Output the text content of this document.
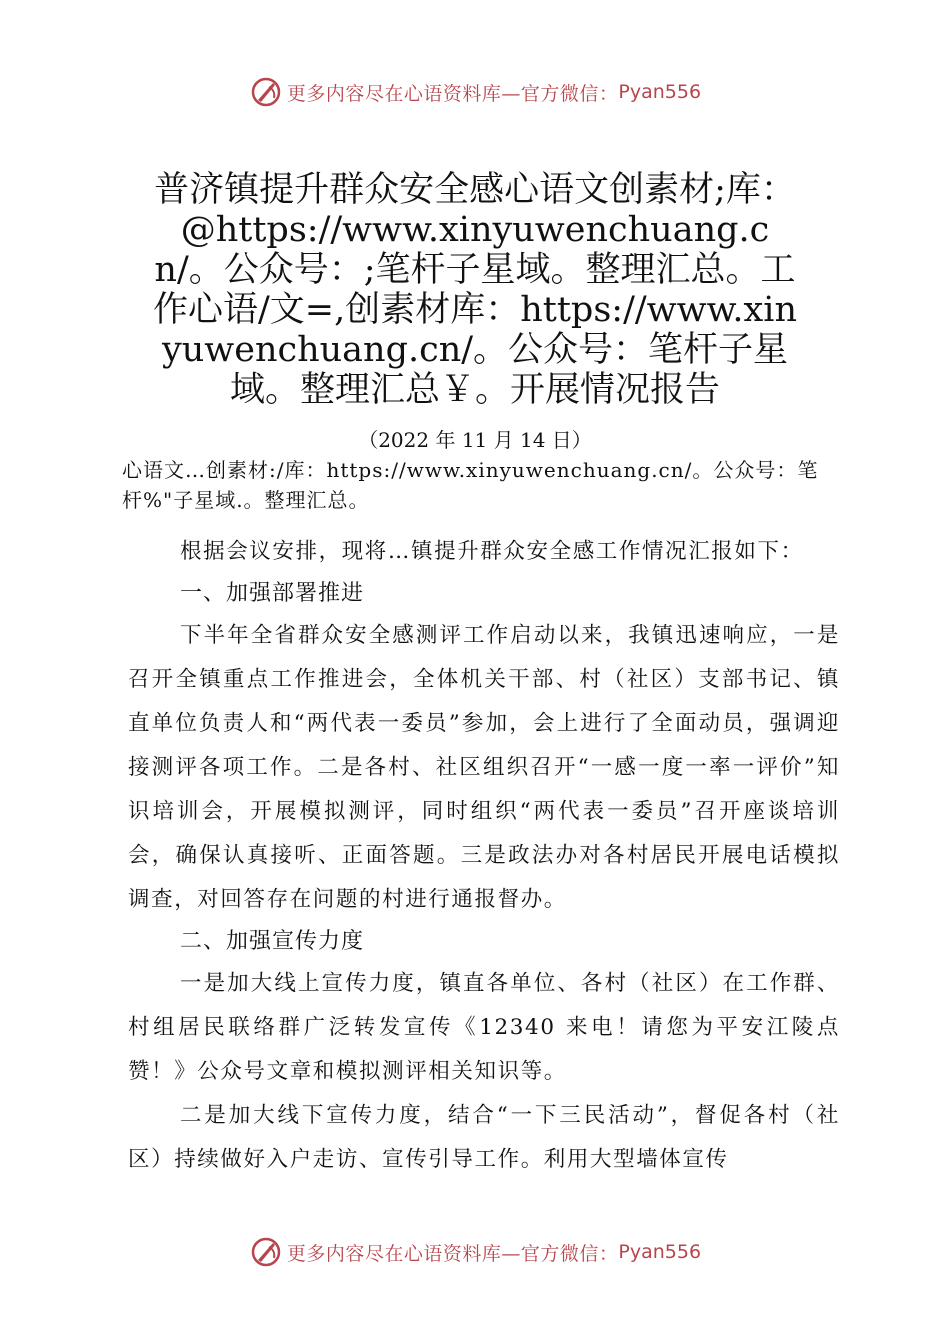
更多内容尽在心语资料库—官方微信： Pyan556
普济镇提升群众安全感心语文创素材;库：@https://www.xinyuwenchuang.cn/。公众号：;笔杆子星域。整理汇总。工作心语/文=,创素材库：https://www.xinyuwenchuang.cn/。公众号：笔杆子星域。整理汇总￥。开展情况报告
（2022 年 11 月 14 日）
心语文…创素材:/库：https://www.xinyuwenchuang.cn/。公众号：笔杆%"子星域.。整理汇总。

根据会议安排，现将…镇提升群众安全感工作情况汇报如下：

一、加强部署推进

下半年全省群众安全感测评工作启动以来，我镇迅速响应，一是召开全镇重点工作推进会，全体机关干部、村（社区）支部书记、镇直单位负责人和“两代表一委员”参加，会上进行了全面动员，强调迎接测评各项工作。二是各村、社区组织召开“一感一度一率一评价”知识培训会，开展模拟测评，同时组织“两代表一委员”召开座谈培训会，确保认真接听、正面答题。三是政法办对各村居民开展电话模拟调查，对回答存在问题的村进行通报督办。

二、加强宣传力度

一是加大线上宣传力度，镇直各单位、各村（社区）在工作群、村组居民联络群广泛转发宣传《12340 来电！请您为平安江陵点赞！》公众号文章和模拟测评相关知识等。

二是加大线下宣传力度，结合“一下三民活动”，督促各村（社区）持续做好入户走访、宣传引导工作。利用大型墙体宣传

更多内容尽在心语资料库—官方微信： Pyan556
